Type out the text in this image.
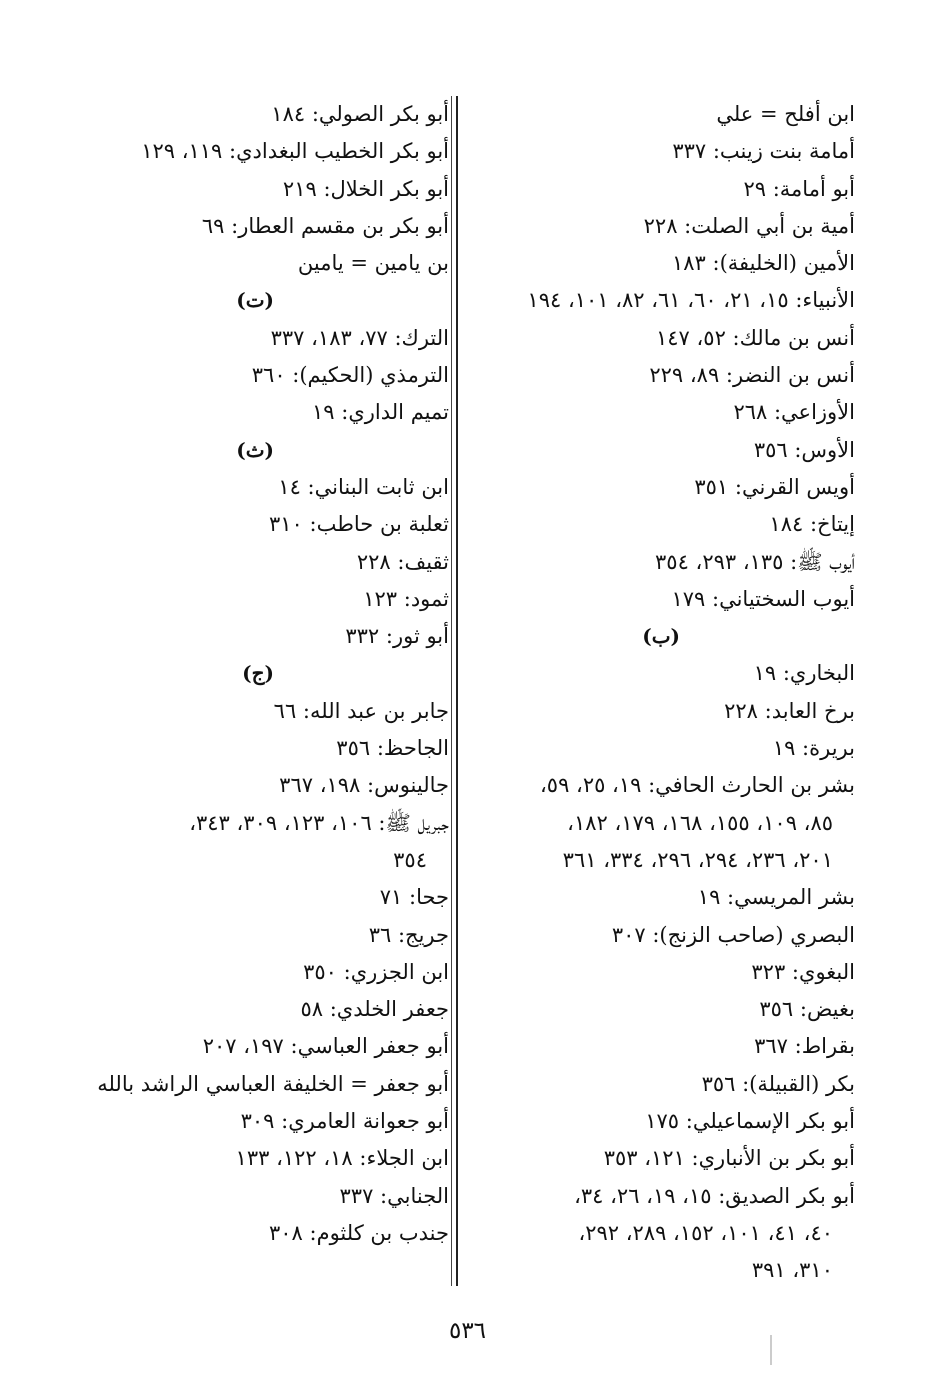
ابن أفلح = علي
أمامة بنت زينب: ٣٣٧
أبو أمامة: ٢٩
أمية بن أبي الصلت: ٢٢٨
الأمين (الخليفة): ١٨٣
الأنبياء: ١٥، ٢١، ٦٠، ٦١، ٨٢، ١٠١، ١٩٤
أنس بن مالك: ٥٢، ١٤٧
أنس بن النضر: ٨٩، ٢٢٩
الأوزاعي: ٢٦٨
الأوس: ٣٥٦
أويس القرني: ٣٥١
إيتاخ: ١٨٤
أيوب ﷺ: ١٣٥، ٢٩٣، ٣٥٤
أيوب السختياني: ١٧٩
(ب)
البخاري: ١٩
برخ العابد: ٢٢٨
بريرة: ١٩
بشر بن الحارث الحافي: ١٩، ٢٥، ٥٩،
٨٥، ١٠٩، ١٥٥، ١٦٨، ١٧٩، ١٨٢،
٢٠١، ٢٣٦، ٢٩٤، ٢٩٦، ٣٣٤، ٣٦١
بشر المريسي: ١٩
البصري (صاحب الزنج): ٣٠٧
البغوي: ٣٢٣
بغيض: ٣٥٦
بقراط: ٣٦٧
بكر (القبيلة): ٣٥٦
أبو بكر الإسماعيلي: ١٧٥
أبو بكر بن الأنباري: ١٢١، ٣٥٣
أبو بكر الصديق: ١٥، ١٩، ٢٦، ٣٤،
٤٠، ٤١، ١٠١، ١٥٢، ٢٨٩، ٢٩٢،
٣١٠، ٣٩١
أبو بكر الصولي: ١٨٤
أبو بكر الخطيب البغدادي: ١١٩، ١٢٩
أبو بكر الخلال: ٢١٩
أبو بكر بن مقسم العطار: ٦٩
بن يامين = يامين
(ت)
الترك: ٧٧، ١٨٣، ٣٣٧
الترمذي (الحكيم): ٣٦٠
تميم الداري: ١٩
(ث)
ابن ثابت البناني: ١٤
ثعلبة بن حاطب: ٣١٠
ثقيف: ٢٢٨
ثمود: ١٢٣
أبو ثور: ٣٣٢
(ج)
جابر بن عبد الله: ٦٦
الجاحظ: ٣٥٦
جالينوس: ١٩٨، ٣٦٧
جبريل ﷺ: ١٠٦، ١٢٣، ٣٠٩، ٣٤٣،
٣٥٤
جحا: ٧١
جريج: ٣٦
ابن الجزري: ٣٥٠
جعفر الخلدي: ٥٨
أبو جعفر العباسي: ١٩٧، ٢٠٧
أبو جعفر = الخليفة العباسي الراشد بالله
أبو جعوانة العامري: ٣٠٩
ابن الجلاء: ١٨، ١٢٢، ١٣٣
الجنابي: ٣٣٧
جندب بن كلثوم: ٣٠٨
٥٣٦
